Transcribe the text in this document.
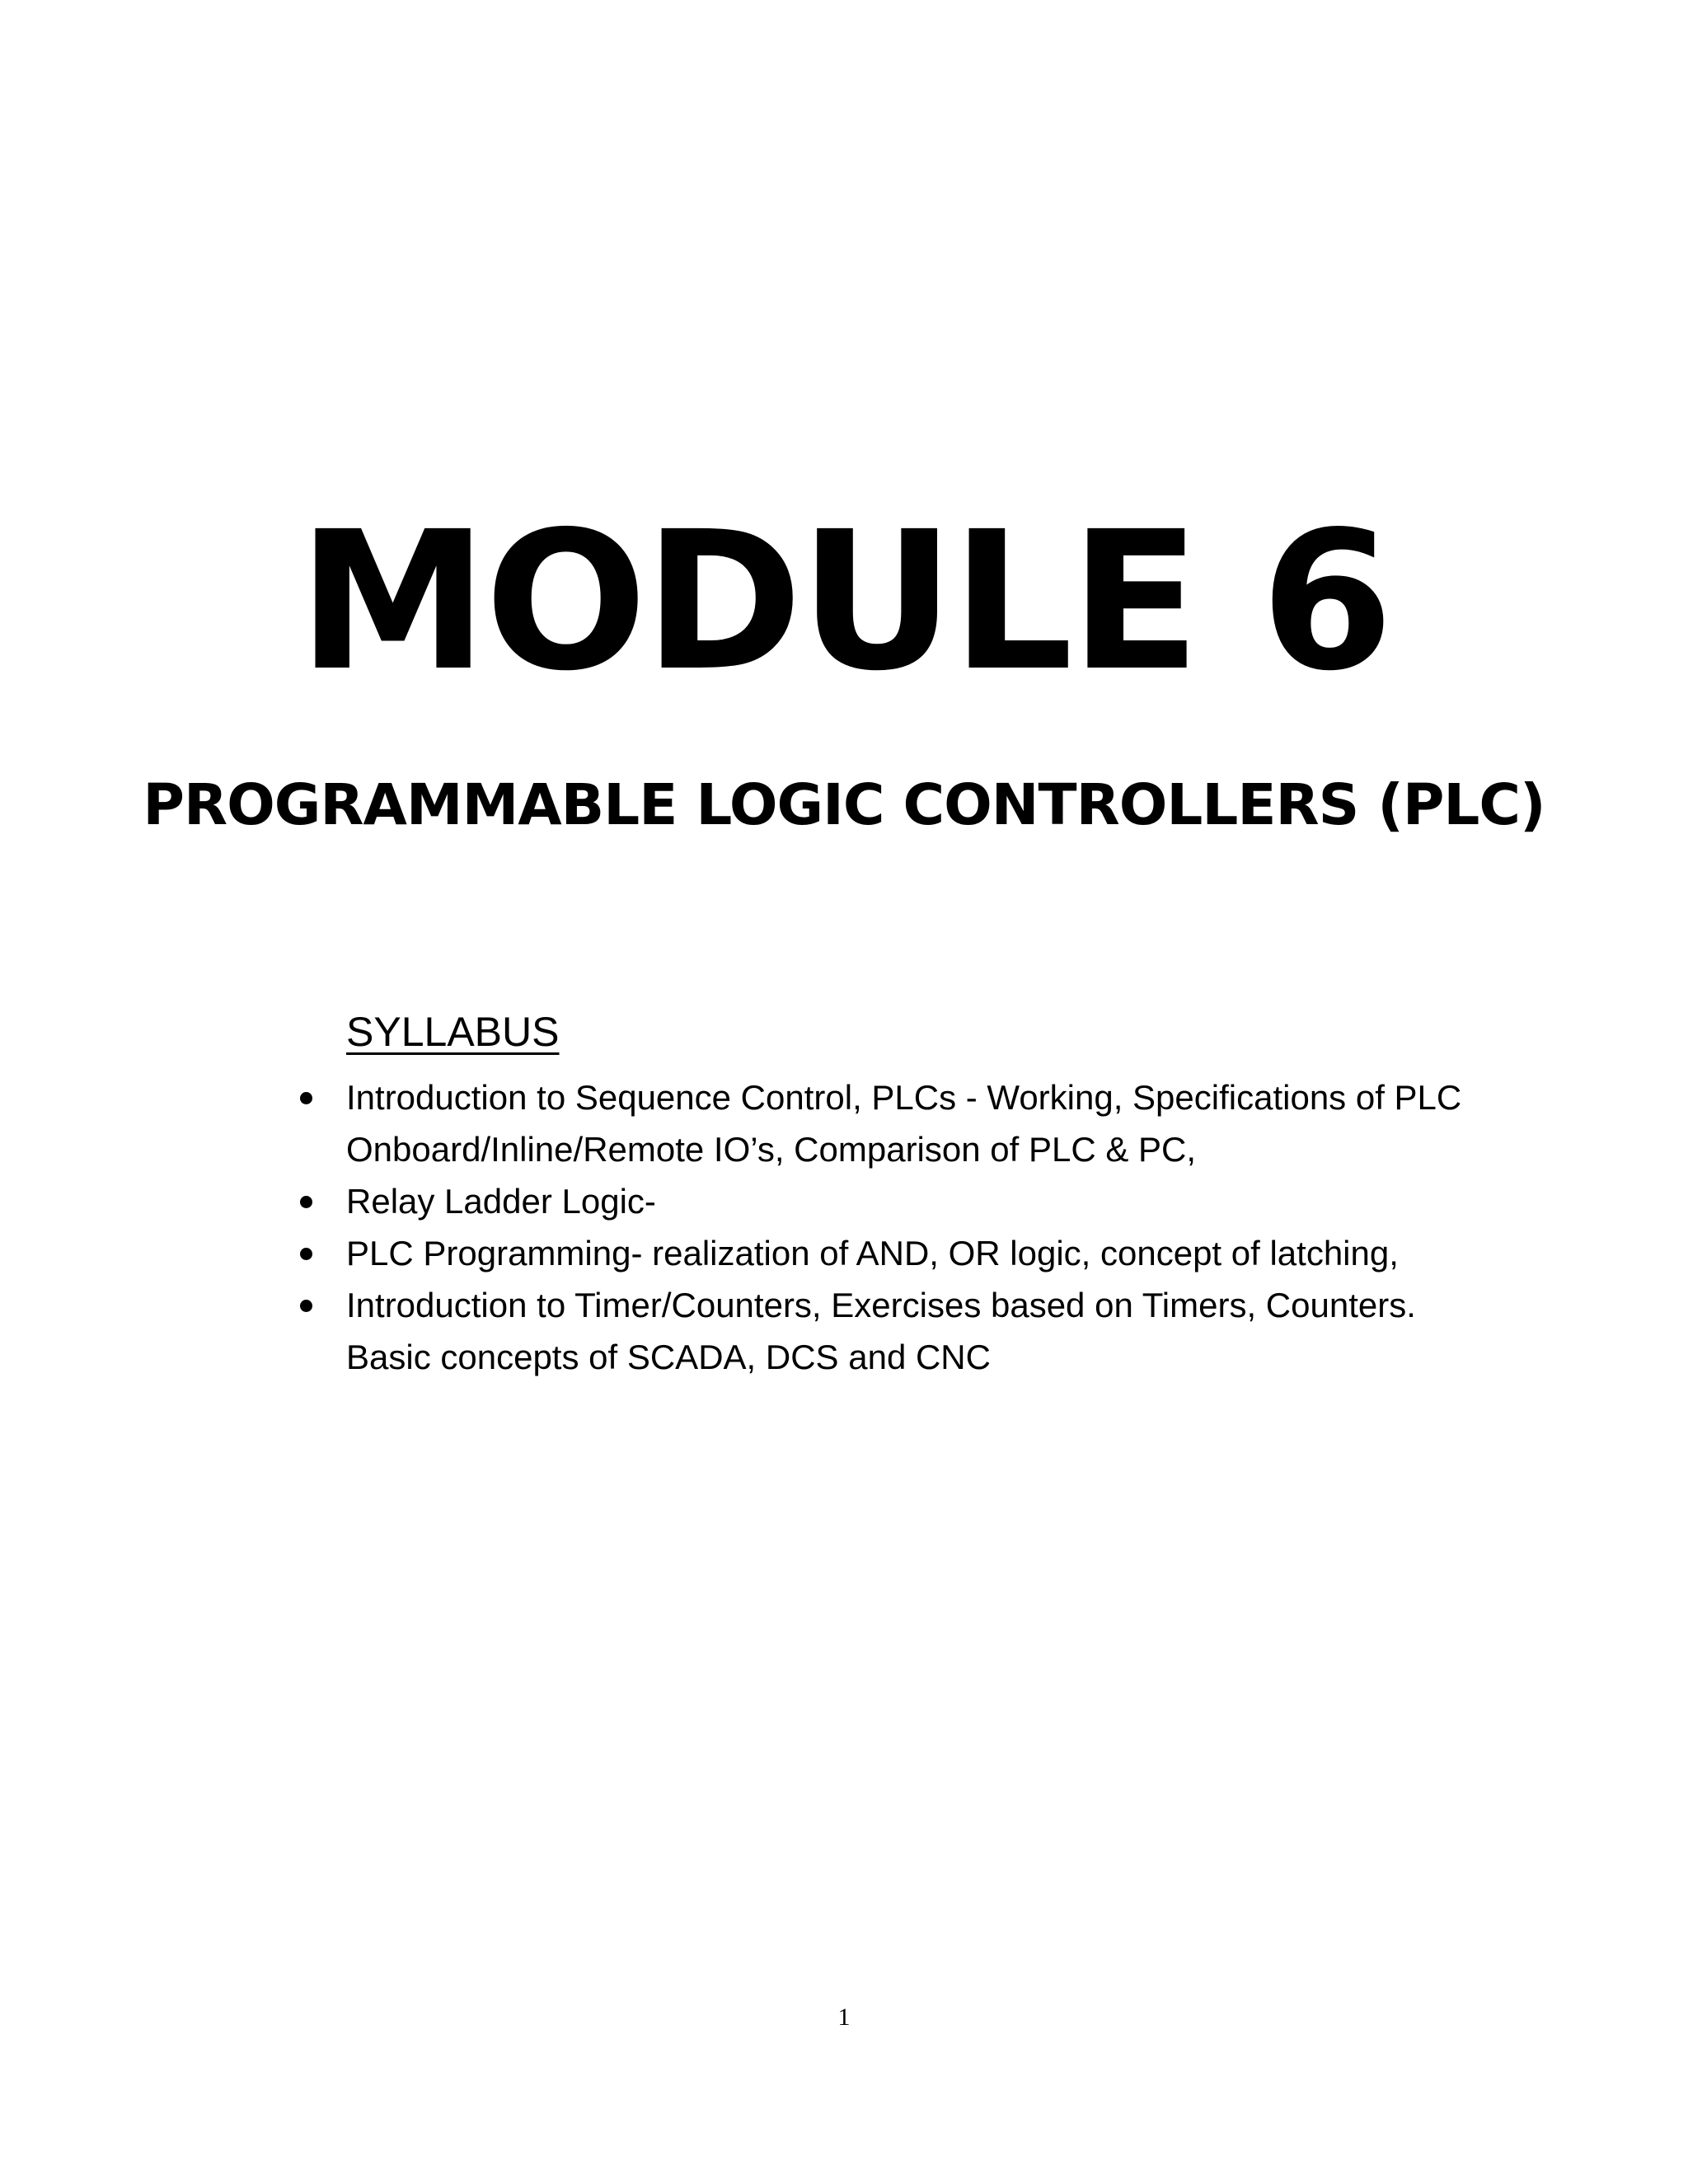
MODULE 6
PROGRAMMABLE LOGIC CONTROLLERS (PLC)
SYLLABUS
Introduction to Sequence Control, PLCs - Working, Specifications of PLC
Onboard/Inline/Remote IO’s, Comparison of PLC & PC,
Relay Ladder Logic-
PLC Programming- realization of AND, OR logic, concept of latching,
Introduction to Timer/Counters, Exercises based on Timers, Counters.
Basic concepts of SCADA, DCS and CNC
1
